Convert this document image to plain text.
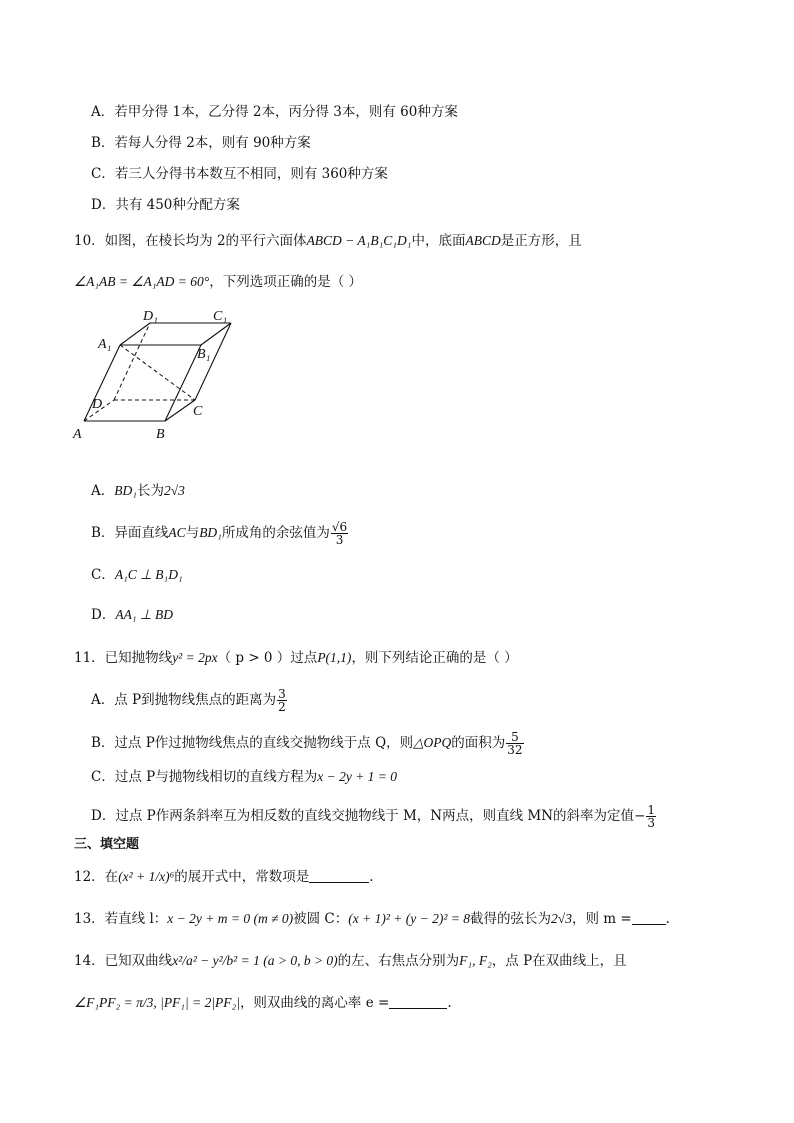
A．若甲分得 1本，乙分得 2本，丙分得 3本，则有 60种方案
B．若每人分得 2本，则有 90种方案
C．若三人分得书本数互不相同，则有 360种方案
D．共有 450种分配方案
10．如图，在棱长均为 2的平行六面体ABCD − A₁B₁C₁D₁中，底面ABCD是正方形，且
∠A₁AB = ∠A₁AD = 60°，下列选项正确的是（ ）
A	B
C
D
A₁
B₁
C₁
D₁
A．BD₁长为2√3
B．异面直线AC与BD₁所成角的余弦值为 $\frac{√6}{3}$
C．A₁C ⊥ B₁D₁
D．AA₁ ⊥ BD
11．已知抛物线y² = 2px（ p > 0 ）过点P(1,1)，则下列结论正确的是（ ）
A．点 P到抛物线焦点的距离为 $\frac{3}{2}$
B．过点 P作过抛物线焦点的直线交抛物线于点 Q，则△OPQ的面积为 $\frac{5}{32}$
C．过点 P与抛物线相切的直线方程为x − 2y + 1 = 0
D．过点 P作两条斜率互为相反数的直线交抛物线于 M，N两点，则直线 MN的斜率为定值− $\frac{1}{3}$
三、填空题
12．在(x² + 1/x)⁶的展开式中，常数项是	.
13．若直线 l：x − 2y + m = 0 (m ≠ 0)被圆 C：(x + 1)² + (y − 2)² = 8截得的弦长为2√3，则 m =	.
14．已知双曲线x²/a² − y²/b² = 1 (a > 0, b > 0)的左、右焦点分别为F₁, F₂，点 P在双曲线上，且
∠F₁PF₂ = π/3, |PF₁| = 2|PF₂|，则双曲线的离心率 e =	.
